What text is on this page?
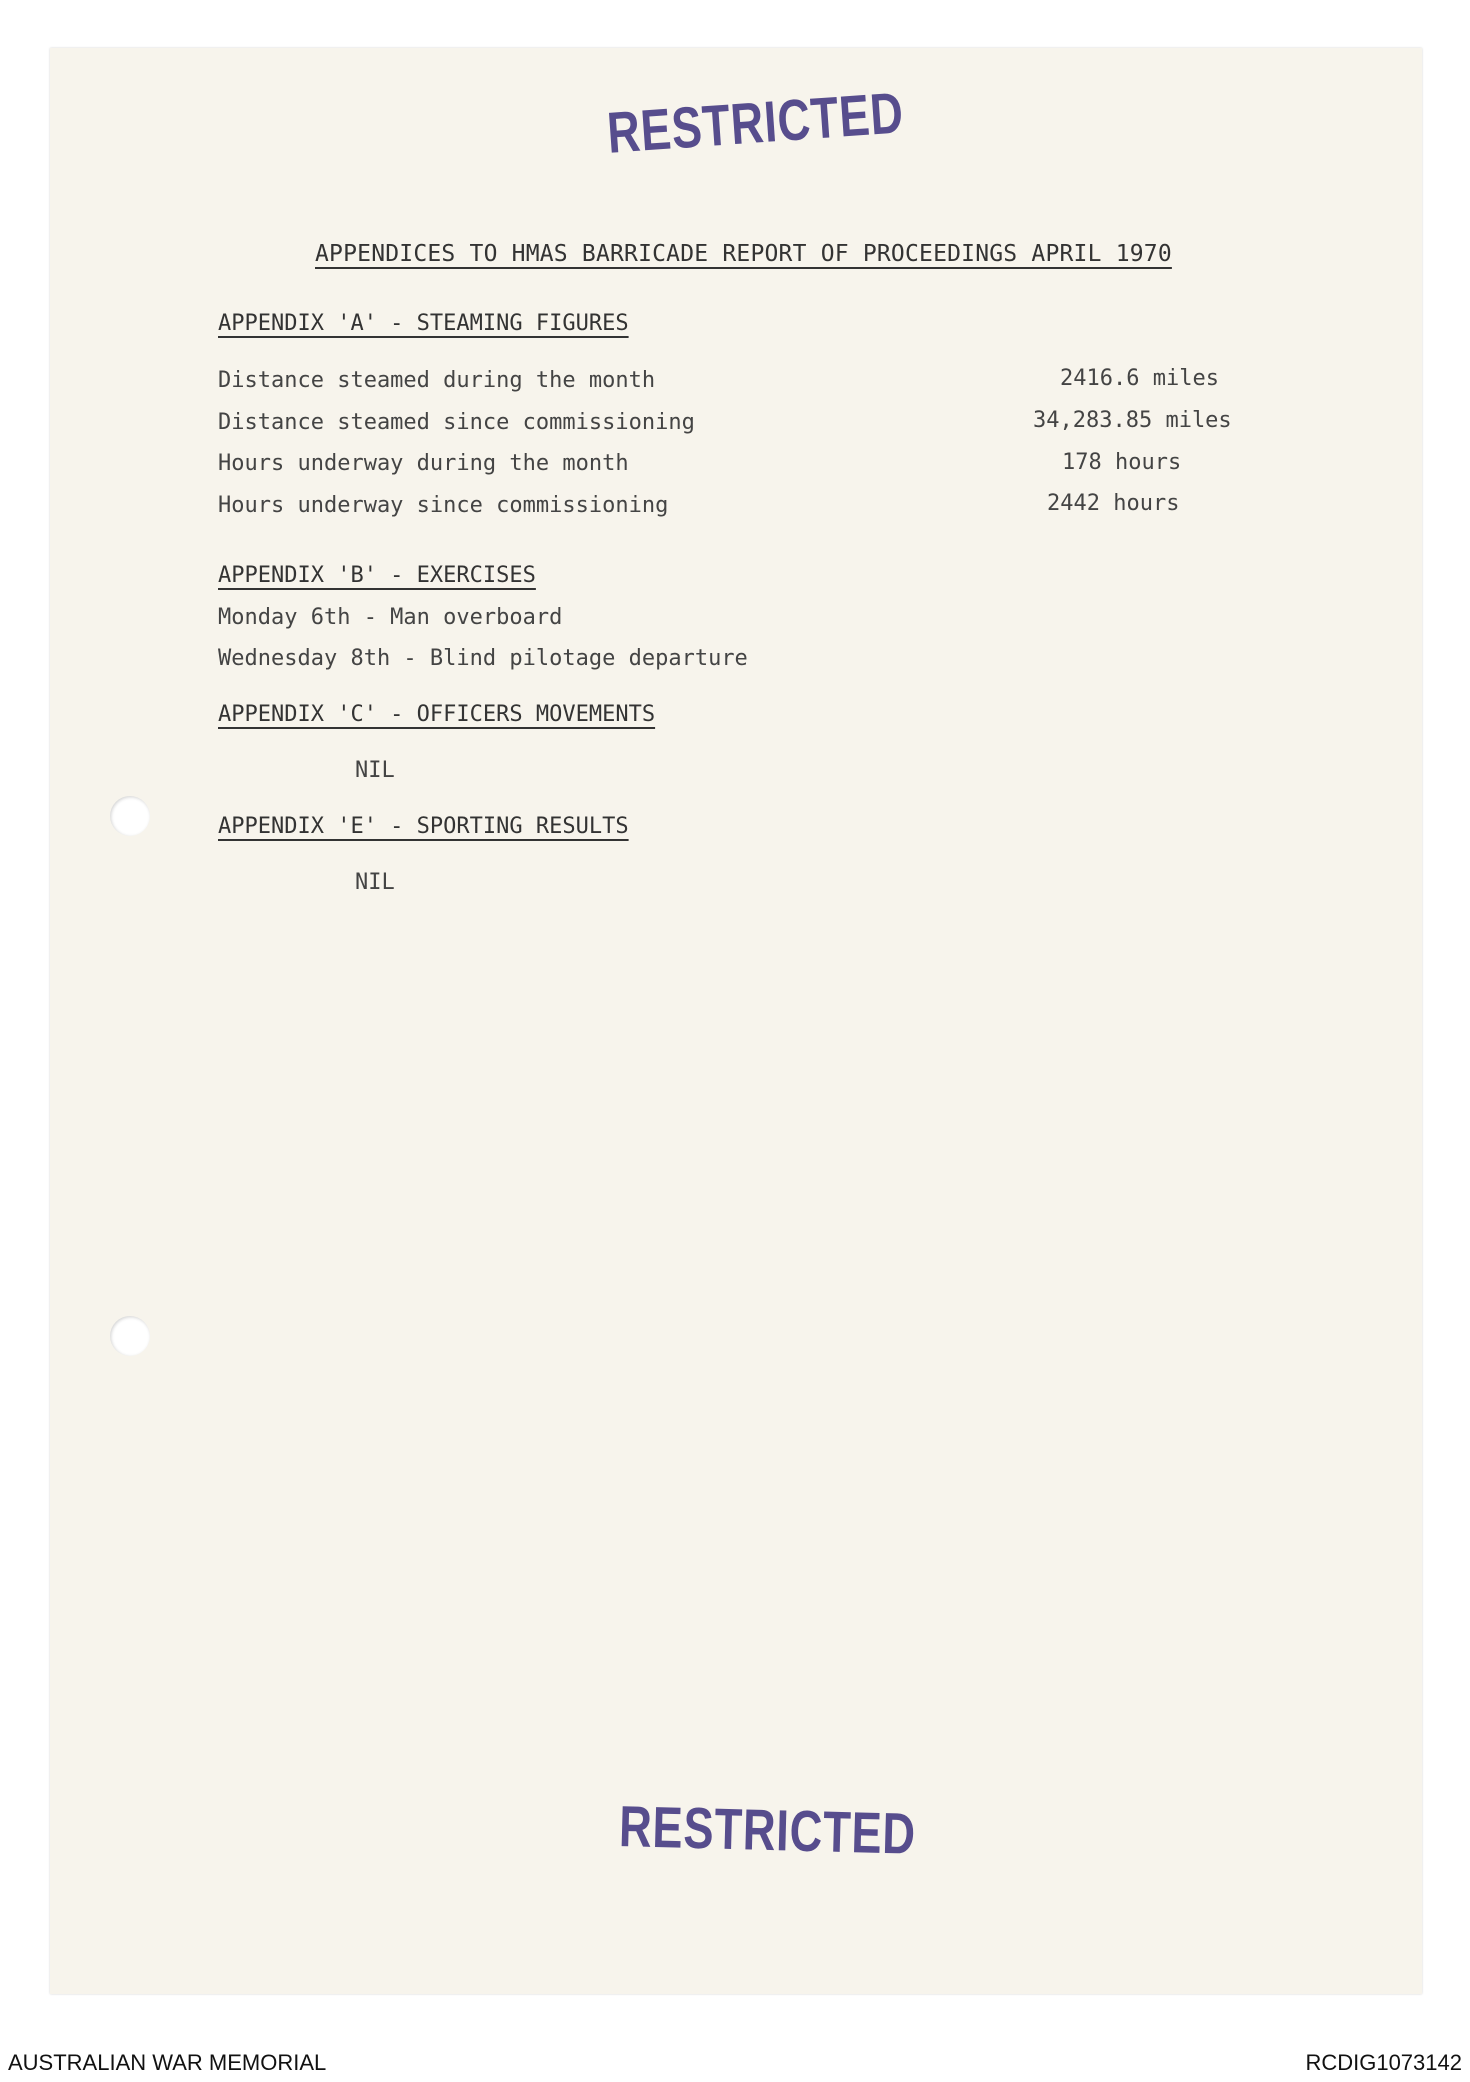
RESTRICTED
APPENDICES TO HMAS BARRICADE REPORT OF PROCEEDINGS APRIL 1970
APPENDIX 'A' - STEAMING FIGURES
Distance steamed during the month	2416.6 miles
Distance steamed since commissioning	34,283.85 miles
Hours underway during the month	178 hours
Hours underway since commissioning	2442 hours
APPENDIX 'B' - EXERCISES
Monday 6th - Man overboard
Wednesday 8th - Blind pilotage departure
APPENDIX 'C' - OFFICERS MOVEMENTS
NIL
APPENDIX 'E' - SPORTING RESULTS
NIL
RESTRICTED
AUSTRALIAN WAR MEMORIAL	RCDIG1073142
